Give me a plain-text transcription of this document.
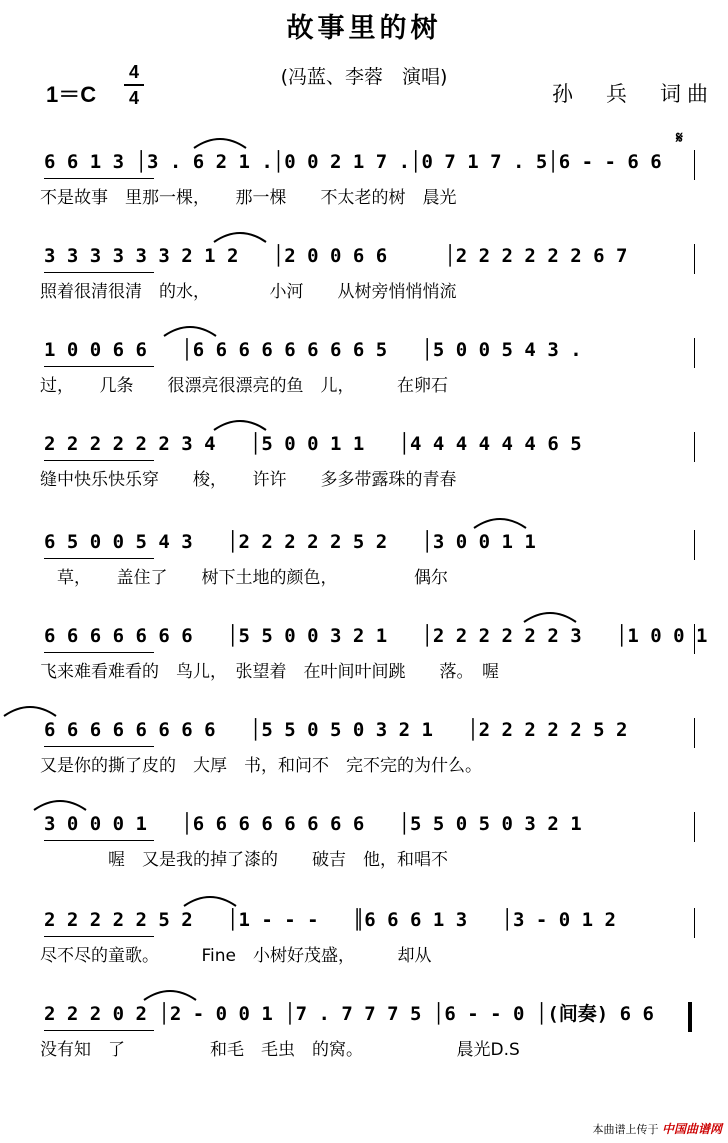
故事里的树
(冯蓝、李蓉　演唱)
1＝C
4
4	孙　兵　词曲
𝄋
6 6 1 3 │3 . 6 2 1 .│0 0 2 1 7 .│0 7 1 7 . 5│6 - - 6 6
不是故事　里那一棵，　　那一棵　　不太老的树　晨光
3 3 3 3 3 3 2 1 2   │2 0 0 6 6     │2 2 2 2 2 2 6 7
照着很清很清　的水，　　　　小河　　从树旁悄悄悄流
1 0 0 6 6   │6 6 6 6 6 6 6 6 5   │5 0 0 5 4 3 .
过，　　几条　　很漂亮很漂亮的鱼　儿，　　　在卵石
2 2 2 2 2 2 3 4   │5 0 0 1 1   │4 4 4 4 4 4 6 5
缝中快乐快乐穿　　梭，　　许许　　多多带露珠的青春
6 5 0 0 5 4 3   │2 2 2 2 2 5 2   │3 0 0 1 1
　草，　　盖住了　　树下土地的颜色，　　　　　偶尔
6 6 6 6 6 6 6   │5 5 0 0 3 2 1   │2 2 2 2 2 2 3   │1 0 0 1
飞来难看难看的　鸟儿，　张望着　在叶间叶间跳　　落。　喔
6 6 6 6 6 6 6 6   │5 5 0 5 0 3 2 1   │2 2 2 2 2 5 2
又是你的撕了皮的　大厚　书，和问不　完不完的为什么。
3 0 0 0 1   │6 6 6 6 6 6 6 6   │5 5 0 5 0 3 2 1
　　　　喔　又是我的掉了漆的　　破吉　他，和唱不
2 2 2 2 2 5 2   │1 - - -   ║6 6 6 1 3   │3 - 0 1 2
尽不尽的童歌。　　　Fine　小树好茂盛，　　　却从
2 2 2 0 2 │2 - 0 0 1 │7 . 7 7 7 5 │6 - - 0 │(间奏) 6 6
没有知　了　　　　　和毛　毛虫　的窝。　　　　　　晨光D.S
本曲谱上传于 中国曲谱网
